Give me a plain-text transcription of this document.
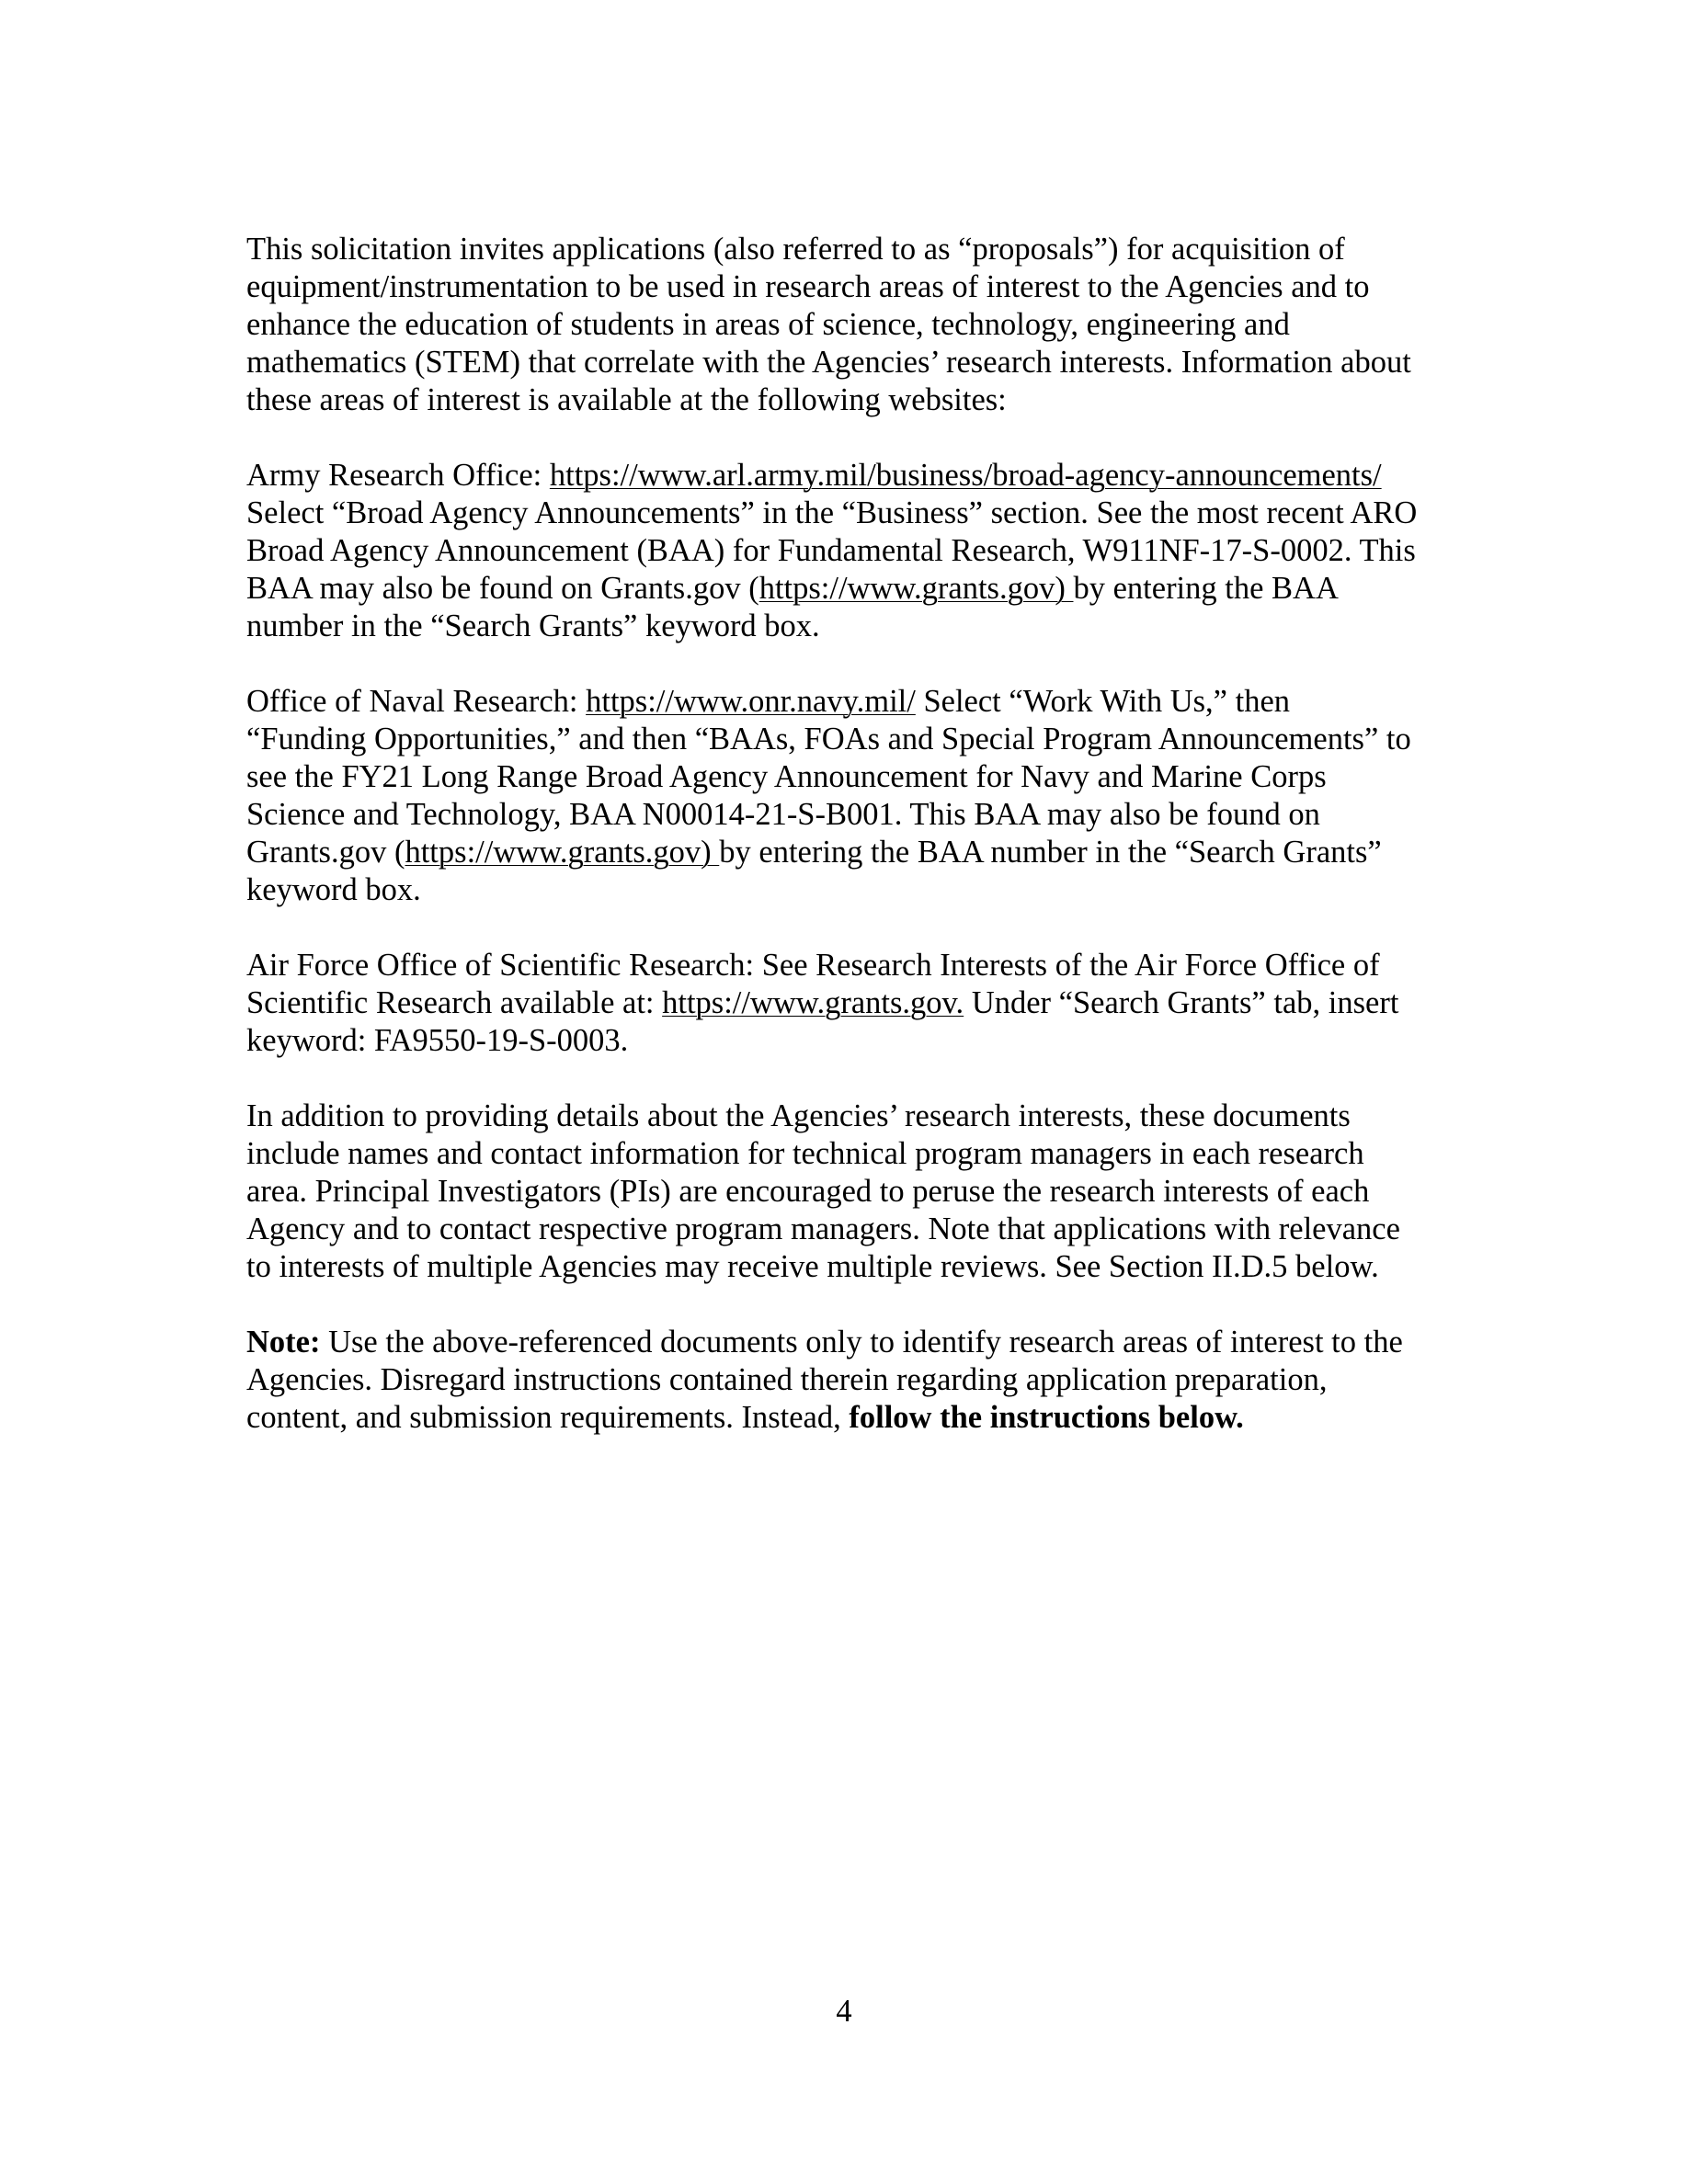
This solicitation invites applications (also referred to as “proposals”) for acquisition of
equipment/instrumentation to be used in research areas of interest to the Agencies and to
enhance the education of students in areas of science, technology, engineering and
mathematics (STEM) that correlate with the Agencies’ research interests. Information about
these areas of interest is available at the following websites:

Army Research Office: https://www.arl.army.mil/business/broad-agency-announcements/
Select “Broad Agency Announcements” in the “Business” section. See the most recent ARO
Broad Agency Announcement (BAA) for Fundamental Research, W911NF-17-S-0002. This
BAA may also be found on Grants.gov (https://www.grants.gov) by entering the BAA
number in the “Search Grants” keyword box.

Office of Naval Research: https://www.onr.navy.mil/ Select “Work With Us,” then
“Funding Opportunities,” and then “BAAs, FOAs and Special Program Announcements” to
see the FY21 Long Range Broad Agency Announcement for Navy and Marine Corps
Science and Technology, BAA N00014-21-S-B001. This BAA may also be found on
Grants.gov (https://www.grants.gov) by entering the BAA number in the “Search Grants”
keyword box.

Air Force Office of Scientific Research: See Research Interests of the Air Force Office of
Scientific Research available at: https://www.grants.gov. Under “Search Grants” tab, insert
keyword: FA9550-19-S-0003.

In addition to providing details about the Agencies’ research interests, these documents
include names and contact information for technical program managers in each research
area. Principal Investigators (PIs) are encouraged to peruse the research interests of each
Agency and to contact respective program managers. Note that applications with relevance
to interests of multiple Agencies may receive multiple reviews. See Section II.D.5 below.

Note: Use the above-referenced documents only to identify research areas of interest to the
Agencies. Disregard instructions contained therein regarding application preparation,
content, and submission requirements. Instead, follow the instructions below.

4
